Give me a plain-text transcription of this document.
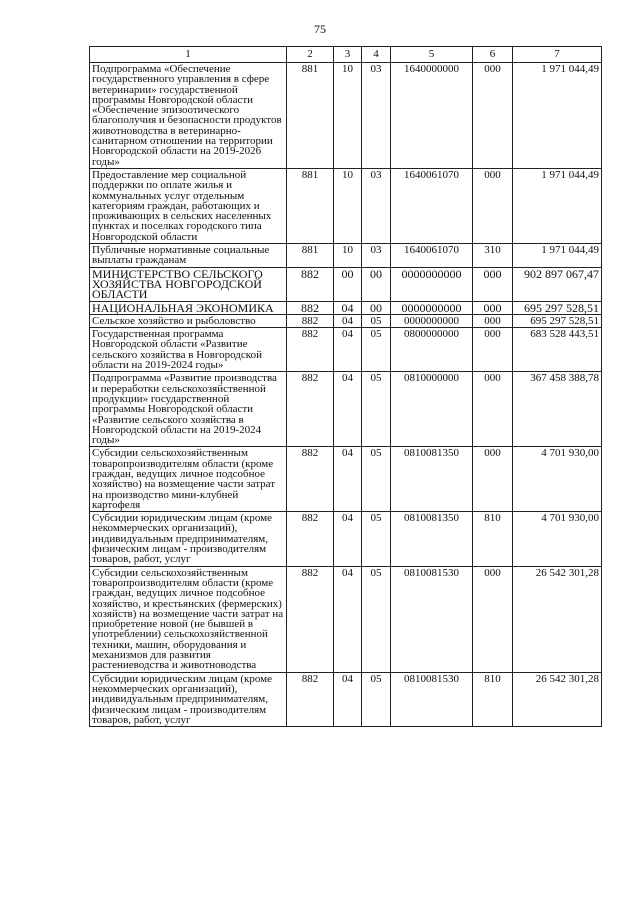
75
1	2	3	4	5	6	7
Подпрограмма «Обеспечение государственного управления в сфере ветеринарии» государственной программы Новгородской области «Обеспечение эпизоотического благополучия и безопасности продуктов животноводства в ветеринарно-санитарном отношении на территории Новгородской области на 2019-2026 годы»	881	10	03	1640000000	000	1 971 044,49
Предоставление мер социальной поддержки по оплате жилья и коммунальных услуг отдельным категориям граждан, работающих и проживающих в сельских населенных пунктах и поселках городского типа Новгородской области	881	10	03	1640061070	000	1 971 044,49
Публичные нормативные социальные выплаты гражданам	881	10	03	1640061070	310	1 971 044,49
МИНИСТЕРСТВО СЕЛЬСКОГО ХОЗЯЙСТВА НОВГОРОДСКОЙ ОБЛАСТИ	882	00	00	0000000000	000	902 897 067,47
НАЦИОНАЛЬНАЯ ЭКОНОМИКА	882	04	00	0000000000	000	695 297 528,51
Сельское хозяйство и рыболовство	882	04	05	0000000000	000	695 297 528,51
Государственная программа Новгородской области «Развитие сельского хозяйства в Новгородской области на 2019-2024 годы»	882	04	05	0800000000	000	683 528 443,51
Подпрограмма «Развитие производства и переработки сельскохозяйственной продукции» государственной программы Новгородской области «Развитие сельского хозяйства в Новгородской области на 2019-2024 годы»	882	04	05	0810000000	000	367 458 388,78
Субсидии сельскохозяйственным товаропроизводителям области (кроме граждан, ведущих личное подсобное хозяйство) на возмещение части затрат на производство мини-клубней картофеля	882	04	05	0810081350	000	4 701 930,00
Субсидии юридическим лицам (кроме некоммерческих организаций), индивидуальным предпринимателям, физическим лицам - производителям товаров, работ, услуг	882	04	05	0810081350	810	4 701 930,00
Субсидии сельскохозяйственным товаропроизводителям области (кроме граждан, ведущих личное подсобное хозяйство, и крестьянских (фермерских) хозяйств) на возмещение части затрат на приобретение новой (не бывшей в употреблении) сельскохозяйственной техники, машин, оборудования и механизмов для развития растениеводства и животноводства	882	04	05	0810081530	000	26 542 301,28
Субсидии юридическим лицам (кроме некоммерческих организаций), индивидуальным предпринимателям, физическим лицам - производителям товаров, работ, услуг	882	04	05	0810081530	810	26 542 301,28
